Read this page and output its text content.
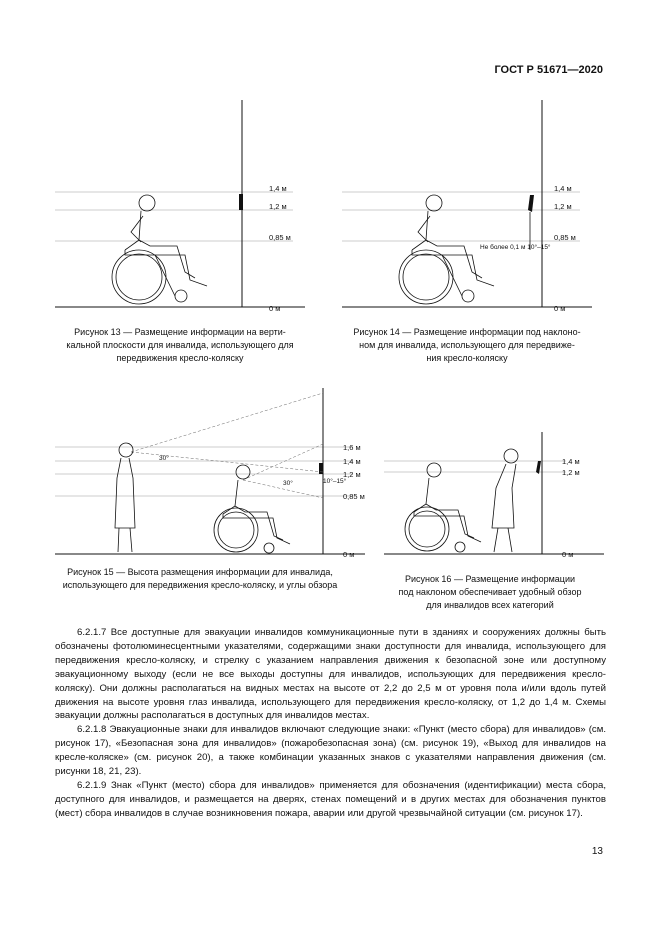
ГОСТ Р 51671—2020
1,4 м
1,2 м
0,85 м
0 м
Рисунок 13 — Размещение информации на верти-
кальной плоскости для инвалида, использующего для
передвижения кресло-коляску
1,4 м
1,2 м
0,85 м
0 м
Не более 0,1 м 10°–15°
Рисунок 14 — Размещение информации под наклоно-
ном для инвалида, использующего для передвиже-
ния кресло-коляску
1,6 м
1,4 м
1,2 м
0,85 м
0 м
30°
30°	10°–15°
Рисунок 15 — Высота размещения информации для инвалида,
использующего для передвижения кресло-коляску, и углы обзора
1,4 м
1,2 м
0 м
Рисунок 16 — Размещение информации
под наклоном обеспечивает удобный обзор
для инвалидов всех категорий

6.2.1.7 Все доступные для эвакуации инвалидов коммуникационные пути в зданиях и сооружениях должны быть обозначены фотолюминесцентными указателями, содержащими знаки доступности для инвалида, использующего для передвижения кресло-коляску, и стрелку с указанием направления движения к безопасной зоне или доступному эвакуационному выходу (если не все выходы доступны для инвалидов, использующих для передвижения кресло-коляску). Они должны располагаться на видных местах на высоте от 2,2 до 2,5 м от уровня пола и/или вдоль путей движения на высоте уровня глаз инвалида, использующего для передвижения кресло-коляску, от 1,2 до 1,4 м. Схемы эвакуации должны располагаться в доступных для инвалидов местах.

6.2.1.8 Эвакуационные знаки для инвалидов включают следующие знаки: «Пункт (место сбора) для инвалидов» (см. рисунок 17), «Безопасная зона для инвалидов» (пожаробезопасная зона) (см. рисунок 19), «Выход для инвалидов на кресле-коляске» (см. рисунок 20), а также комбинации указанных знаков с указателями направления движения (см. рисунки 18, 21, 23).

6.2.1.9 Знак «Пункт (место) сбора для инвалидов» применяется для обозначения (идентификации) места сбора, доступного для инвалидов, и размещается на дверях, стенах помещений и в других местах для обозначения пунктов (мест) сбора инвалидов в случае возникновения пожара, аварии или другой чрезвычайной ситуации (см. рисунок 17).

13
